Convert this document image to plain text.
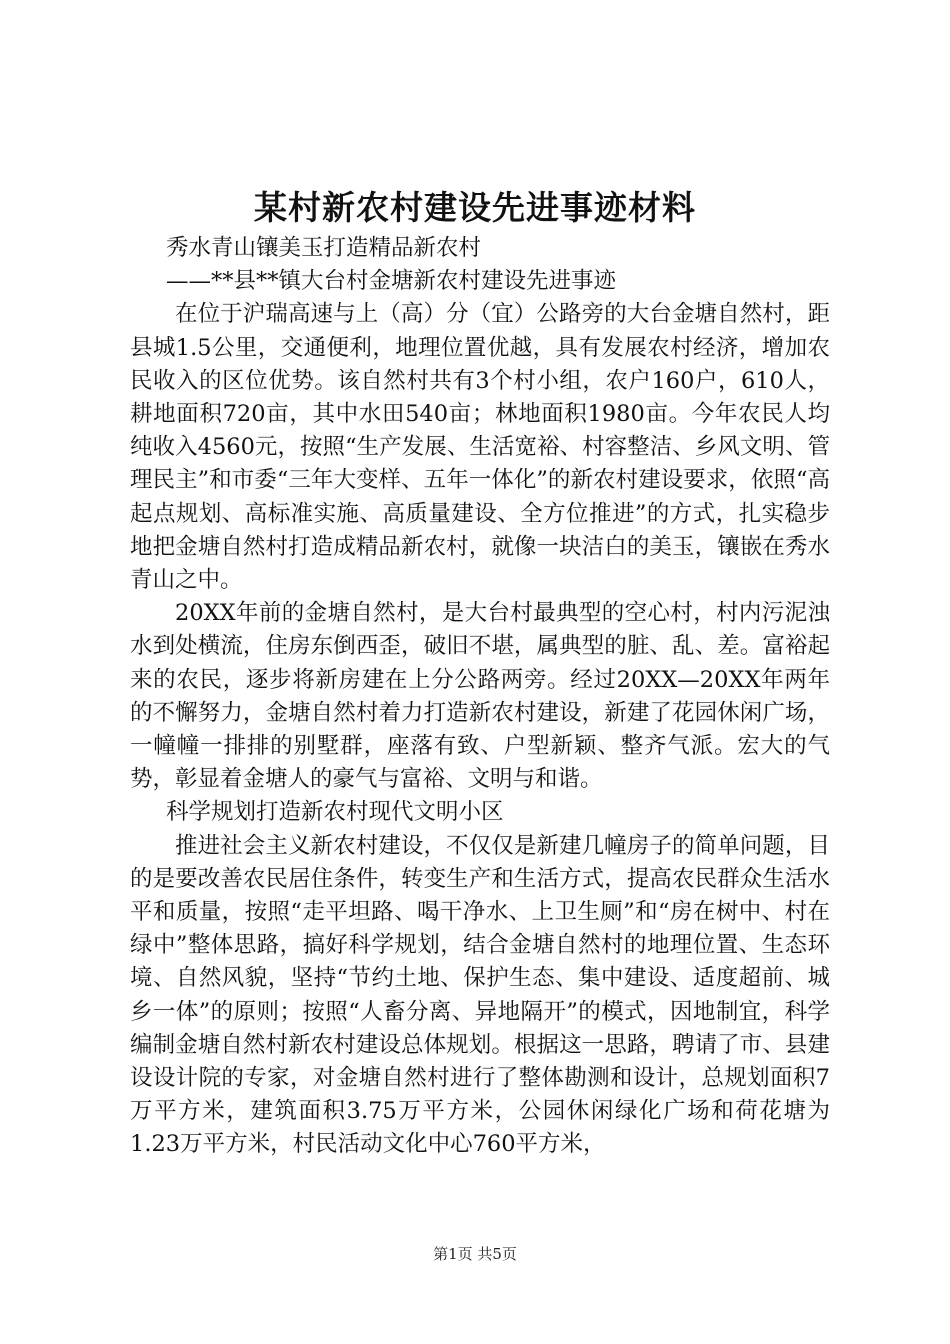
某村新农村建设先进事迹材料

秀水青山镶美玉打造精品新农村

——**县**镇大台村金塘新农村建设先进事迹

在位于沪瑞高速与上（高）分（宜）公路旁的大台金塘自然村，距县城1.5公里，交通便利，地理位置优越，具有发展农村经济，增加农民收入的区位优势。该自然村共有3个村小组，农户160户，610人，耕地面积720亩，其中水田540亩；林地面积1980亩。今年农民人均纯收入4560元，按照“生产发展、生活宽裕、村容整洁、乡风文明、管理民主”和市委“三年大变样、五年一体化”的新农村建设要求，依照“高起点规划、高标准实施、高质量建设、全方位推进”的方式，扎实稳步地把金塘自然村打造成精品新农村，就像一块洁白的美玉，镶嵌在秀水青山之中。

20XX年前的金塘自然村，是大台村最典型的空心村，村内污泥浊水到处横流，住房东倒西歪，破旧不堪，属典型的脏、乱、差。富裕起来的农民，逐步将新房建在上分公路两旁。经过20XX—20XX年两年的不懈努力，金塘自然村着力打造新农村建设，新建了花园休闲广场，一幢幢一排排的别墅群，座落有致、户型新颖、整齐气派。宏大的气势，彰显着金塘人的豪气与富裕、文明与和谐。

科学规划打造新农村现代文明小区

推进社会主义新农村建设，不仅仅是新建几幢房子的简单问题，目的是要改善农民居住条件，转变生产和生活方式，提高农民群众生活水平和质量，按照“走平坦路、喝干净水、上卫生厕”和“房在树中、村在绿中”整体思路，搞好科学规划，结合金塘自然村的地理位置、生态环境、自然风貌，坚持“节约土地、保护生态、集中建设、适度超前、城乡一体”的原则；按照“人畜分离、异地隔开”的模式，因地制宜，科学编制金塘自然村新农村建设总体规划。根据这一思路，聘请了市、县建设设计院的专家，对金塘自然村进行了整体勘测和设计，总规划面积7万平方米，建筑面积3.75万平方米，公园休闲绿化广场和荷花塘为1.23万平方米，村民活动文化中心760平方米，

第1页 共5页
